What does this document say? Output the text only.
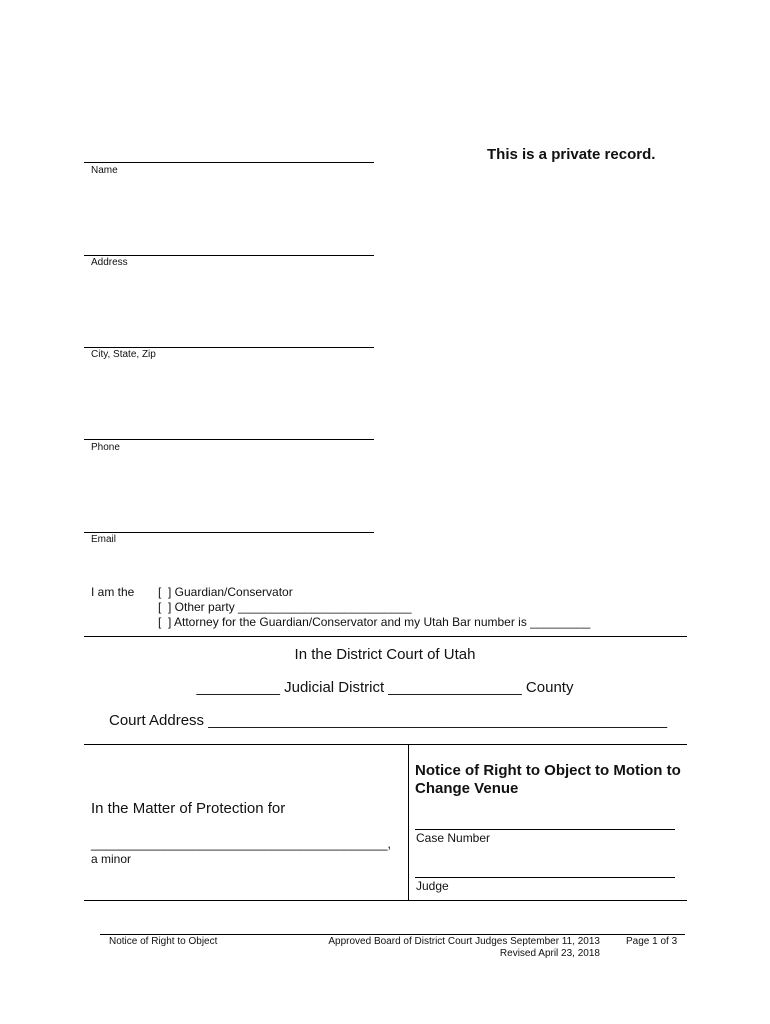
This is a private record.
Name
Address
City, State, Zip
Phone
Email
I am the [  ] Guardian/Conservator
[  ] Other party __________________________
[  ] Attorney for the Guardian/Conservator and my Utah Bar number is _________
In the District Court of Utah
__________ Judicial District ________________ County
Court Address _______________________________________________________
In the Matter of Protection for
_________________________________________,
a minor
Notice of Right to Object to Motion to Change Venue
Case Number
Judge
Notice of Right to Object	Approved Board of District Court Judges September 11, 2013
Revised April 23, 2018
Page 1 of 3
